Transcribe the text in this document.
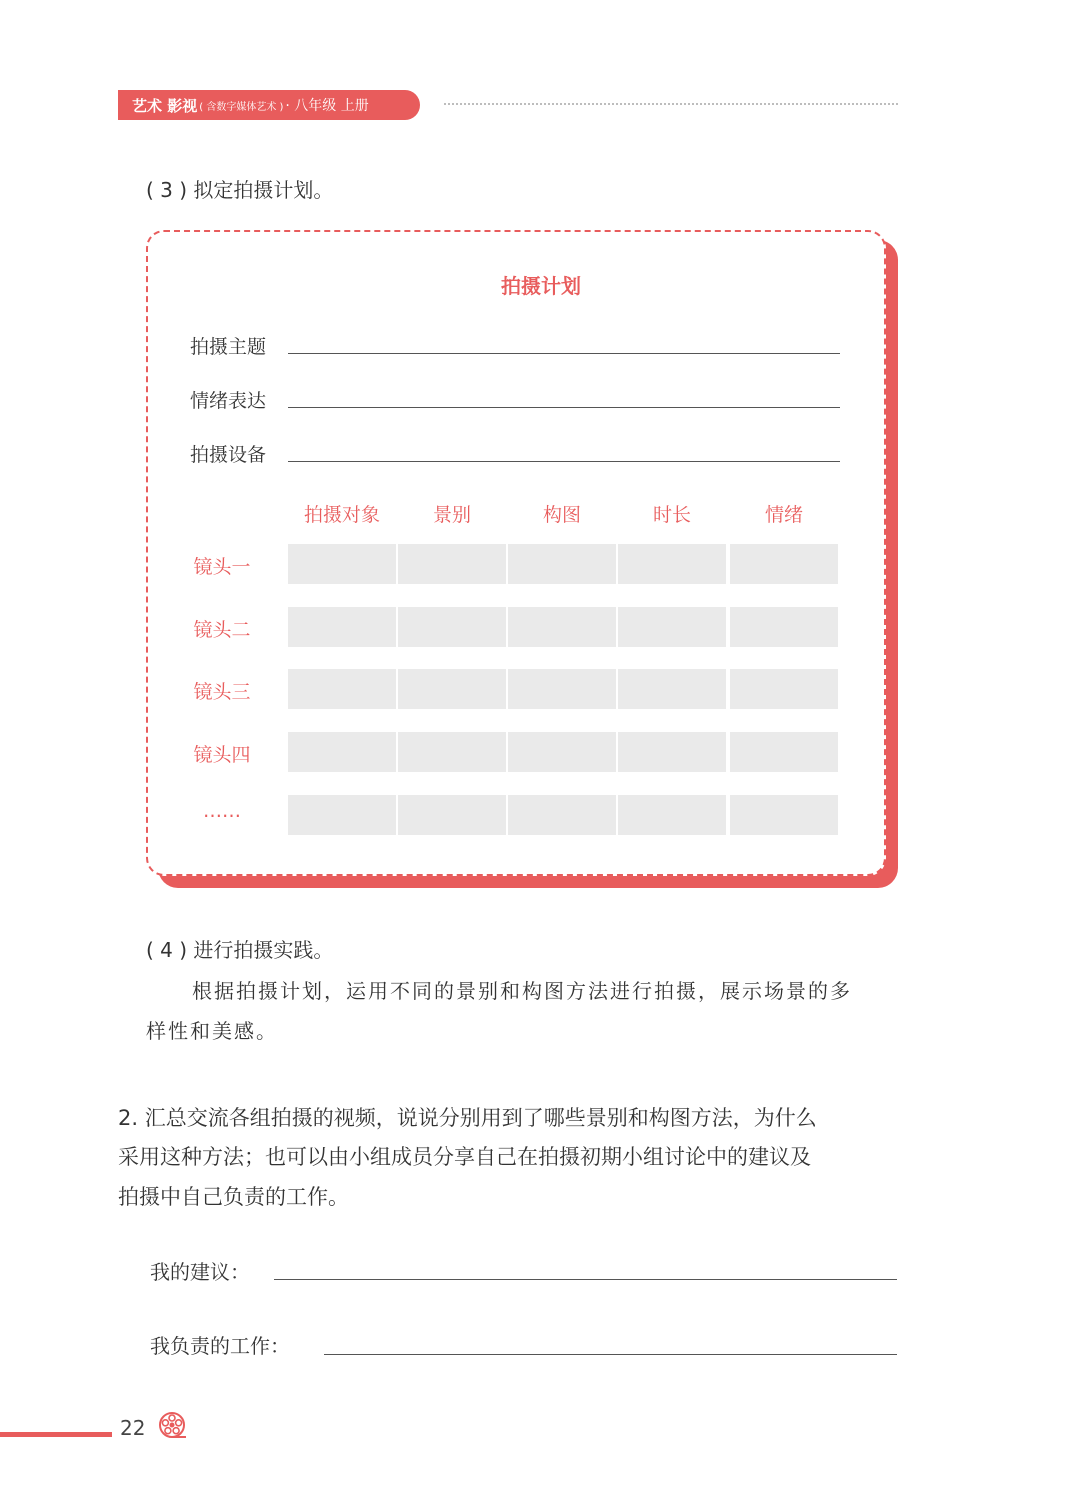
艺术 影视 ( 含数字媒体艺术 ) · 八年级 上册
( 3 ) 拟定拍摄计划。
拍摄计划
拍摄主题
情绪表达
拍摄设备
拍摄对象	景别	构图	时长	情绪
镜头一
镜头二
镜头三
镜头四
……
( 4 ) 进行拍摄实践。
根据拍摄计划，运用不同的景别和构图方法进行拍摄，展示场景的多
样性和美感。
2. 汇总交流各组拍摄的视频，说说分别用到了哪些景别和构图方法，为什么
采用这种方法；也可以由小组成员分享自己在拍摄初期小组讨论中的建议及
拍摄中自己负责的工作。
我的建议：
我负责的工作：
22
